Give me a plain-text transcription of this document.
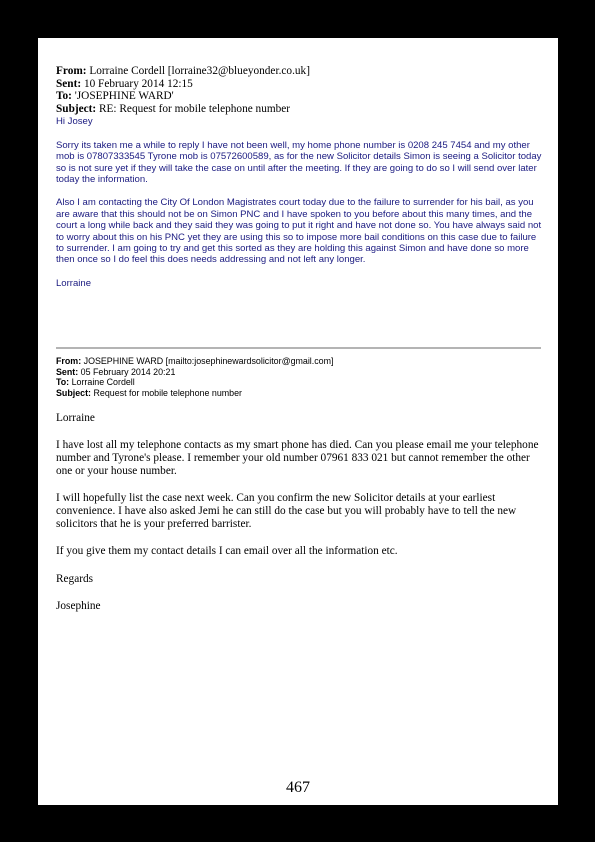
From: Lorraine Cordell [lorraine32@blueyonder.co.uk]
Sent: 10 February 2014 12:15
To: 'JOSEPHINE WARD'
Subject: RE: Request for mobile telephone number

Hi Josey

Sorry its taken me a while to reply I have not been well, my home phone number is 0208 245 7454 and my other mob is 07807333545 Tyrone mob is 07572600589, as for the new Solicitor details Simon is seeing a Solicitor today so is not sure yet if they will take the case on until after the meeting. If they are going to do so I will send over later today the information.

Also I am contacting the City Of London Magistrates court today due to the failure to surrender for his bail, as you are aware that this should not be on Simon PNC and I have spoken to you before about this many times, and the court a long while back and they said they was going to put it right and have not done so. You have always said not to worry about this on his PNC yet they are using this so to impose more bail conditions on this case due to failure to surrender. I am going to try and get this sorted as they are holding this against Simon and have done so more then once so I do feel this does needs addressing and not left any longer.

Lorraine

From: JOSEPHINE WARD [mailto:josephinewardsolicitor@gmail.com]
Sent: 05 February 2014 20:21
To: Lorraine Cordell
Subject: Request for mobile telephone number

Lorraine

I have lost all my telephone contacts as my smart phone has died. Can you please email me your telephone number and Tyrone's please. I remember your old number 07961 833 021 but cannot remember the other one or your house number.

I will hopefully list the case next week. Can you confirm the new Solicitor details at your earliest convenience. I have also asked Jemi he can still do the case but you will probably have to tell the new solicitors that he is your preferred barrister.

If you give them my contact details I can email over all the information etc.

Regards

Josephine

467
